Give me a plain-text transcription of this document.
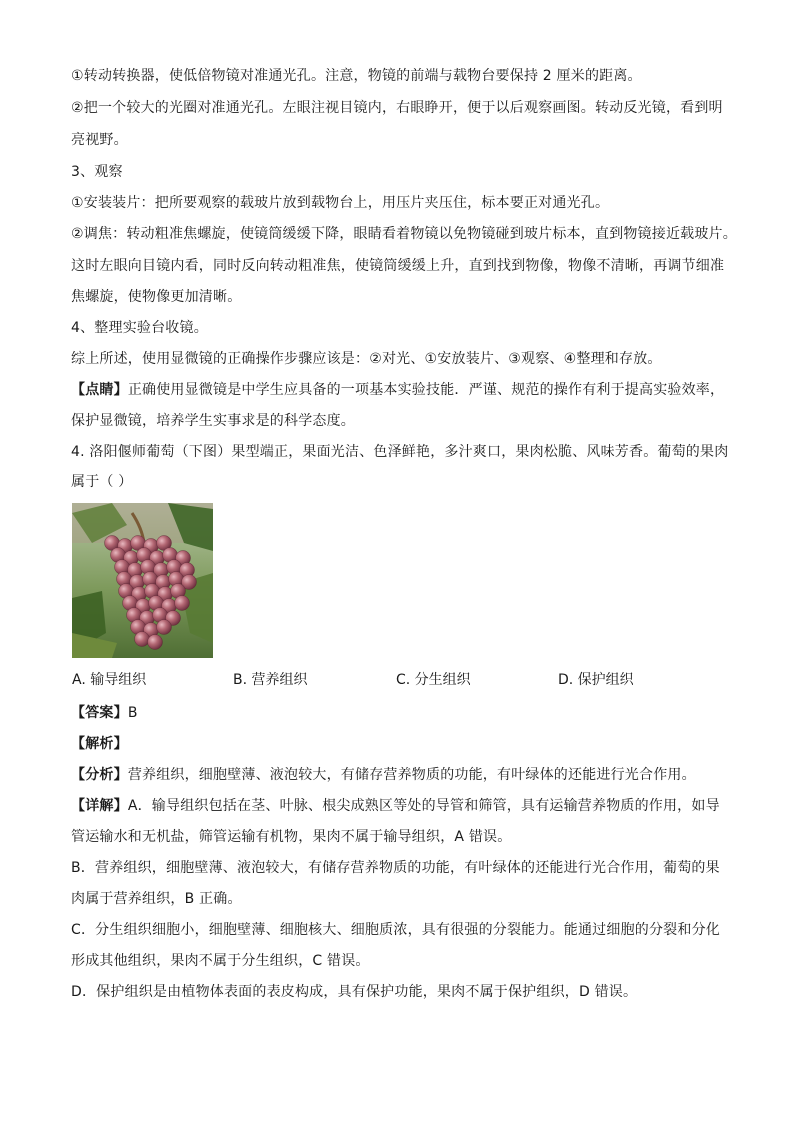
①转动转换器，使低倍物镜对准通光孔。注意，物镜的前端与载物台要保持 2 厘米的距离。
②把一个较大的光圈对准通光孔。左眼注视目镜内，右眼睁开，便于以后观察画图。转动反光镜，看到明
亮视野。
3、观察
①安装装片：把所要观察的载玻片放到载物台上，用压片夹压住，标本要正对通光孔。
②调焦：转动粗准焦螺旋，使镜筒缓缓下降，眼睛看着物镜以免物镜碰到玻片标本，直到物镜接近载玻片。
这时左眼向目镜内看，同时反向转动粗准焦，使镜筒缓缓上升，直到找到物像，物像不清晰，再调节细准
焦螺旋，使物像更加清晰。
4、整理实验台收镜。
综上所述，使用显微镜的正确操作步骤应该是：②对光、①安放装片、③观察、④整理和存放。
【点睛】正确使用显微镜是中学生应具备的一项基本实验技能．严谨、规范的操作有利于提高实验效率，
保护显微镜，培养学生实事求是的科学态度。
4. 洛阳偃师葡萄（下图）果型端正，果面光洁、色泽鲜艳，多汁爽口，果肉松脆、风味芳香。葡萄的果肉
属于（ ）
A. 输导组织	B. 营养组织	C. 分生组织	D. 保护组织
【答案】B
【解析】
【分析】营养组织，细胞壁薄、液泡较大，有储存营养物质的功能，有叶绿体的还能进行光合作用。
【详解】A．输导组织包括在茎、叶脉、根尖成熟区等处的导管和筛管，具有运输营养物质的作用，如导
管运输水和无机盐，筛管运输有机物，果肉不属于输导组织，A 错误。
B．营养组织，细胞壁薄、液泡较大，有储存营养物质的功能，有叶绿体的还能进行光合作用，葡萄的果
肉属于营养组织，B 正确。
C．分生组织细胞小，细胞壁薄、细胞核大、细胞质浓，具有很强的分裂能力。能通过细胞的分裂和分化
形成其他组织，果肉不属于分生组织，C 错误。
D．保护组织是由植物体表面的表皮构成，具有保护功能，果肉不属于保护组织，D 错误。
